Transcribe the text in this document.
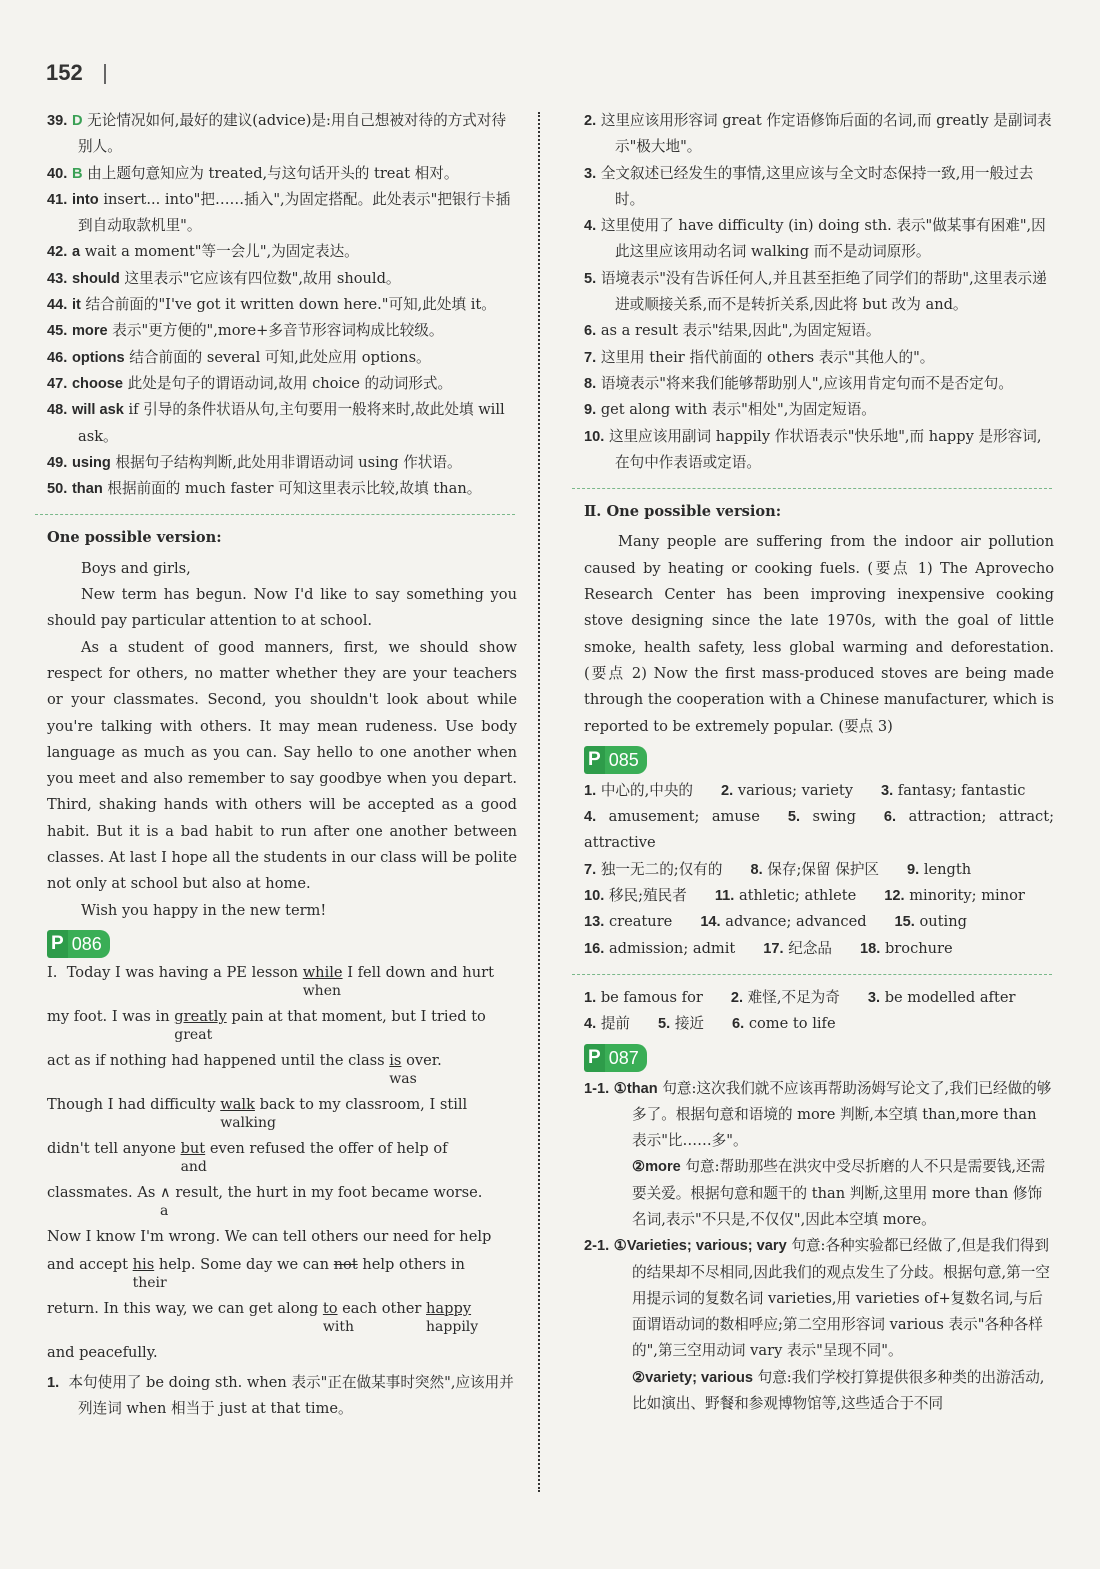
152

39. D 无论情况如何,最好的建议(advice)是:用自己想被对待的方式对待别人。

40. B 由上题句意知应为 treated,与这句话开头的 treat 相对。

41. into insert... into"把……插入",为固定搭配。此处表示"把银行卡插到自动取款机里"。

42. a wait a moment"等一会儿",为固定表达。

43. should 这里表示"它应该有四位数",故用 should。

44. it 结合前面的"I've got it written down here."可知,此处填 it。

45. more 表示"更方便的",more+多音节形容词构成比较级。

46. options 结合前面的 several 可知,此处应用 options。

47. choose 此处是句子的谓语动词,故用 choice 的动词形式。

48. will ask if 引导的条件状语从句,主句要用一般将来时,故此处填 will ask。

49. using 根据句子结构判断,此处用非谓语动词 using 作状语。

50. than 根据前面的 much faster 可知这里表示比较,故填 than。

One possible version:

Boys and girls,

New term has begun. Now I'd like to say something you should pay particular attention to at school.

As a student of good manners, first, we should show respect for others, no matter whether they are your teachers or your classmates. Second, you shouldn't look about while you're talking with others. It may mean rudeness. Use body language as much as you can. Say hello to one another when you meet and also remember to say goodbye when you depart. Third, shaking hands with others will be accepted as a good habit. But it is a bad habit to run after one another between classes. At last I hope all the students in our class will be polite not only at school but also at home.

Wish you happy in the new term!

P 086

Ⅰ. Today I was having a PE lesson while
when
I fell down and hurt

my foot. I was in greatly
great
pain at that moment, but I tried to

act as if nothing had happened until the class is
was
over.

Though I had difficulty walk
walking
back to my classroom, I still

didn't tell anyone but
and
even refused the offer of help of

classmates. As ∧
a
result, the hurt in my foot became worse.

Now I know I'm wrong. We can tell others our need for help

and accept his
their
help. Some day we can not help others in

return. In this way, we can get along to
with
each other happy
happily

and peacefully.

1. 本句使用了 be doing sth. when 表示"正在做某事时突然",应该用并列连词 when 相当于 just at that time。

2. 这里应该用形容词 great 作定语修饰后面的名词,而 greatly 是副词表示"极大地"。

3. 全文叙述已经发生的事情,这里应该与全文时态保持一致,用一般过去时。

4. 这里使用了 have difficulty (in) doing sth. 表示"做某事有困难",因此这里应该用动名词 walking 而不是动词原形。

5. 语境表示"没有告诉任何人,并且甚至拒绝了同学们的帮助",这里表示递进或顺接关系,而不是转折关系,因此将 but 改为 and。

6. as a result 表示"结果,因此",为固定短语。

7. 这里用 their 指代前面的 others 表示"其他人的"。

8. 语境表示"将来我们能够帮助别人",应该用肯定句而不是否定句。

9. get along with 表示"相处",为固定短语。

10. 这里应该用副词 happily 作状语表示"快乐地",而 happy 是形容词,在句中作表语或定语。

Ⅱ. One possible version:

Many people are suffering from the indoor air pollution caused by heating or cooking fuels. (要点 1) The Aprovecho Research Center has been improving inexpensive cooking stove designing since the late 1970s, with the goal of little smoke, health safety, less global warming and deforestation. (要点 2) Now the first mass-produced stoves are being made through the cooperation with a Chinese manufacturer, which is reported to be extremely popular. (要点 3)

P 085

1. 中心的,中央的 2. various; variety 3. fantasy; fantastic

4. amusement; amuse 5. swing 6. attraction; attract; attractive

7. 独一无二的;仅有的 8. 保存;保留 保护区 9. length

10. 移民;殖民者 11. athletic; athlete 12. minority; minor

13. creature 14. advance; advanced 15. outing

16. admission; admit 17. 纪念品 18. brochure

1. be famous for 2. 难怪,不足为奇 3. be modelled after

4. 提前 5. 接近 6. come to life

P 087

1-1. ①than 句意:这次我们就不应该再帮助汤姆写论文了,我们已经做的够多了。根据句意和语境的 more 判断,本空填 than,more than 表示"比……多"。

②more 句意:帮助那些在洪灾中受尽折磨的人不只是需要钱,还需要关爱。根据句意和题干的 than 判断,这里用 more than 修饰名词,表示"不只是,不仅仅",因此本空填 more。

2-1. ①Varieties; various; vary 句意:各种实验都已经做了,但是我们得到的结果却不尽相同,因此我们的观点发生了分歧。根据句意,第一空用提示词的复数名词 varieties,用 varieties of+复数名词,与后面谓语动词的数相呼应;第二空用形容词 various 表示"各种各样的",第三空用动词 vary 表示"呈现不同"。

②variety; various 句意:我们学校打算提供很多种类的出游活动,比如演出、野餐和参观博物馆等,这些适合于不同
